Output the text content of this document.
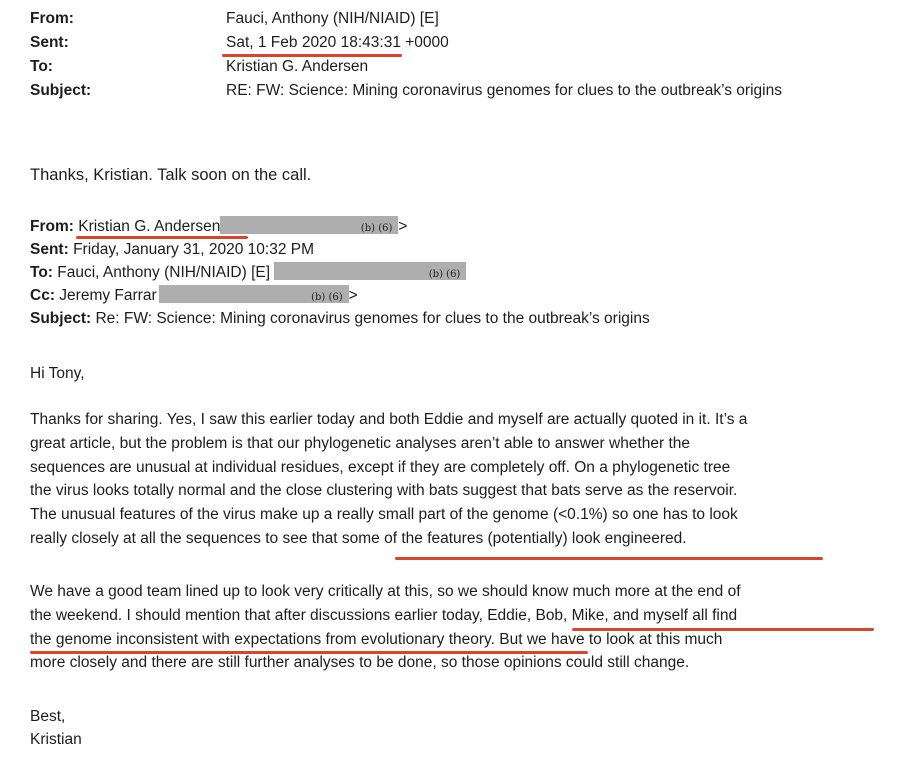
From:	Fauci, Anthony (NIH/NIAID) [E]
Sent:	Sat, 1 Feb 2020 18:43:31 +0000
To:	Kristian G. Andersen
Subject:	RE: FW: Science: Mining coronavirus genomes for clues to the outbreak’s origins
Thanks, Kristian. Talk soon on the call.
From: Kristian G. Andersen	(b) (6) >
Sent: Friday, January 31, 2020 10:32 PM
To: Fauci, Anthony (NIH/NIAID) [E]	(b) (6)
Cc: Jeremy Farrar	(b) (6) >
Subject: Re: FW: Science: Mining coronavirus genomes for clues to the outbreak’s origins
Hi Tony,
Thanks for sharing. Yes, I saw this earlier today and both Eddie and myself are actually quoted in it. It’s a
great article, but the problem is that our phylogenetic analyses aren’t able to answer whether the
sequences are unusual at individual residues, except if they are completely off. On a phylogenetic tree
the virus looks totally normal and the close clustering with bats suggest that bats serve as the reservoir.
The unusual features of the virus make up a really small part of the genome (<0.1%) so one has to look
really closely at all the sequences to see that some of the features (potentially) look engineered.
We have a good team lined up to look very critically at this, so we should know much more at the end of
the weekend. I should mention that after discussions earlier today, Eddie, Bob, Mike, and myself all find
the genome inconsistent with expectations from evolutionary theory. But we have to look at this much
more closely and there are still further analyses to be done, so those opinions could still change.
Best,
Kristian
